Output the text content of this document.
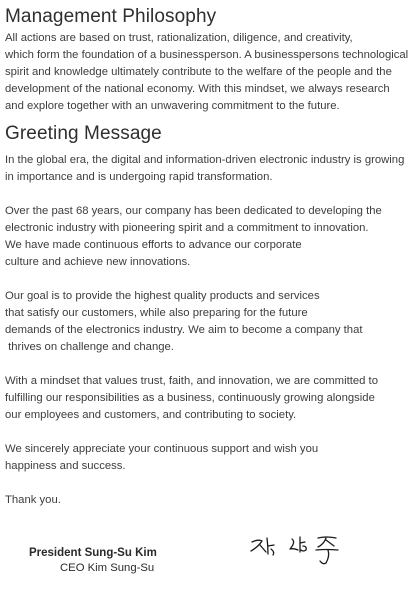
Management Philosophy
All actions are based on trust, rationalization, diligence, and creativity,
which form the foundation of a businessperson. A businesspersons technological
spirit and knowledge ultimately contribute to the welfare of the people and the
development of the national economy. With this mindset, we always research
and explore together with an unwavering commitment to the future.
Greeting Message
In the global era, the digital and information-driven electronic industry is growing
in importance and is undergoing rapid transformation.
Over the past 68 years, our company has been dedicated to developing the
electronic industry with pioneering spirit and a commitment to innovation.
We have made continuous efforts to advance our corporate
culture and achieve new innovations.
Our goal is to provide the highest quality products and services
that satisfy our customers, while also preparing for the future
demands of the electronics industry. We aim to become a company that
thrives on challenge and change.
With a mindset that values trust, faith, and innovation, we are committed to
fulfilling our responsibilities as a business, continuously growing alongside
our employees and customers, and contributing to society.
We sincerely appreciate your continuous support and wish you
happiness and success.
Thank you.
President Sung-Su Kim
CEO Kim Sung-Su
